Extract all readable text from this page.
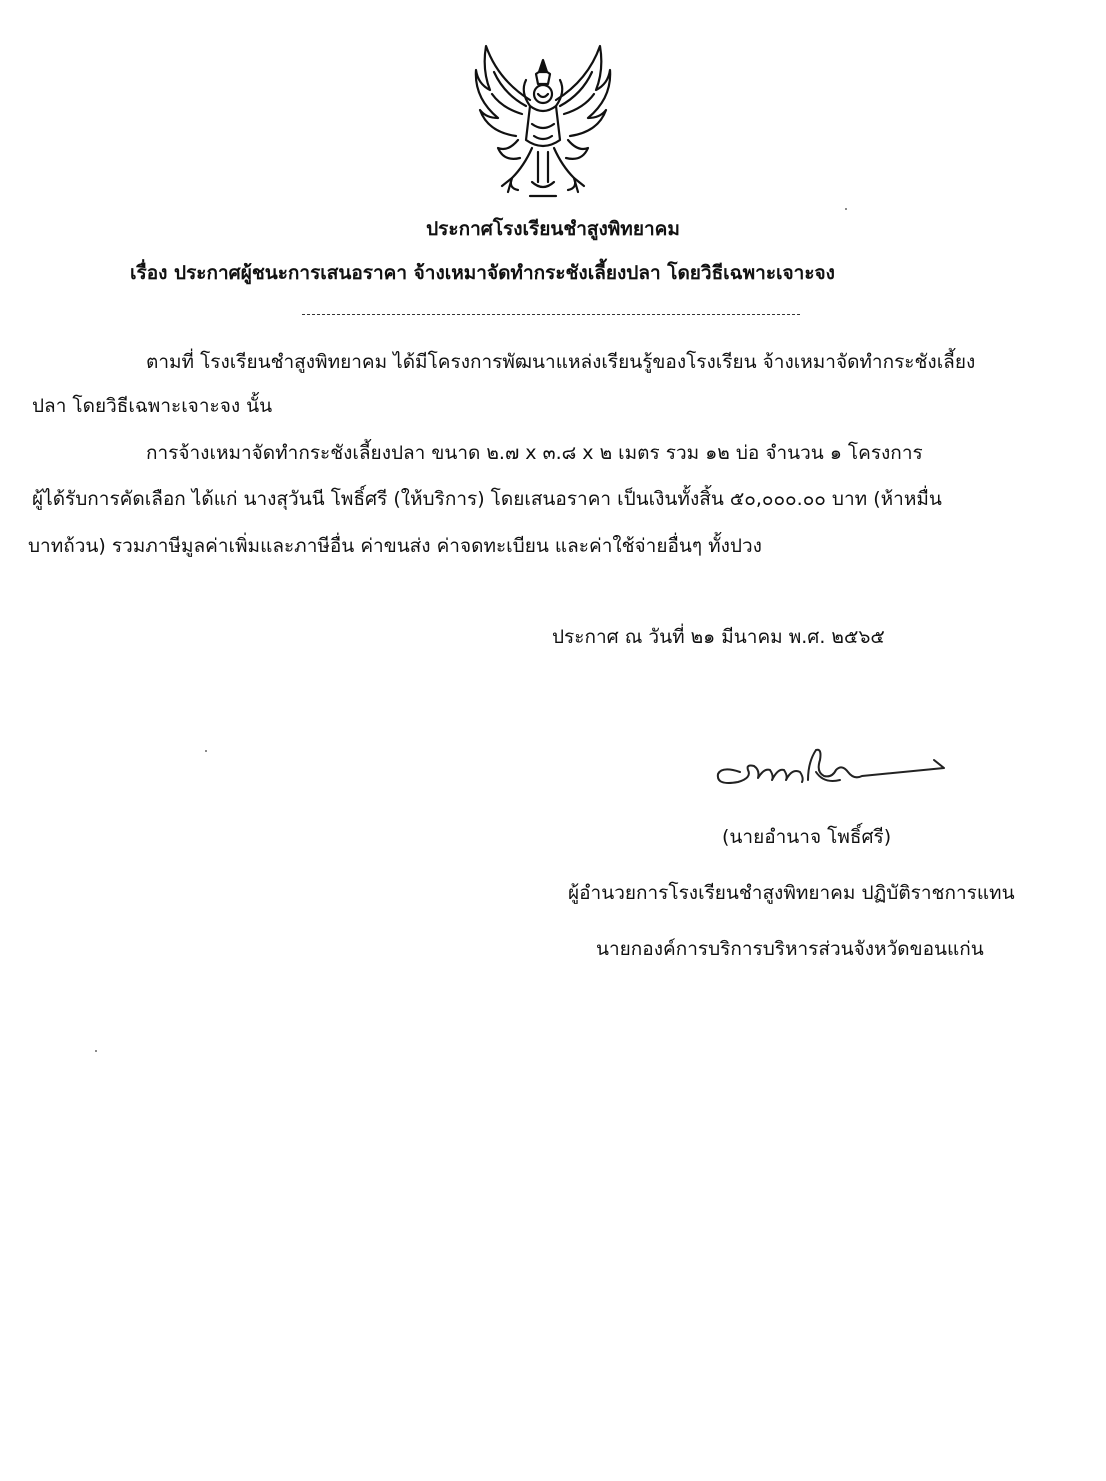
ประกาศโรงเรียนชำสูงพิทยาคม
เรื่อง ประกาศผู้ชนะการเสนอราคา จ้างเหมาจัดทำกระชังเลี้ยงปลา โดยวิธีเฉพาะเจาะจง
ตามที่ โรงเรียนชำสูงพิทยาคม ได้มีโครงการพัฒนาแหล่งเรียนรู้ของโรงเรียน จ้างเหมาจัดทำกระชังเลี้ยง
ปลา โดยวิธีเฉพาะเจาะจง นั้น
การจ้างเหมาจัดทำกระชังเลี้ยงปลา ขนาด ๒.๗ x ๓.๘ x ๒ เมตร รวม ๑๒ บ่อ จำนวน ๑ โครงการ
ผู้ได้รับการคัดเลือก ได้แก่ นางสุวันนี โพธิ์ศรี (ให้บริการ) โดยเสนอราคา เป็นเงินทั้งสิ้น ๕๐,๐๐๐.๐๐ บาท (ห้าหมื่น
บาทถ้วน) รวมภาษีมูลค่าเพิ่มและภาษีอื่น ค่าขนส่ง ค่าจดทะเบียน และค่าใช้จ่ายอื่นๆ ทั้งปวง
ประกาศ ณ วันที่ ๒๑ มีนาคม พ.ศ. ๒๕๖๕
(นายอำนาจ โพธิ์ศรี)
ผู้อำนวยการโรงเรียนชำสูงพิทยาคม ปฏิบัติราชการแทน
นายกองค์การบริการบริหารส่วนจังหวัดขอนแก่น
